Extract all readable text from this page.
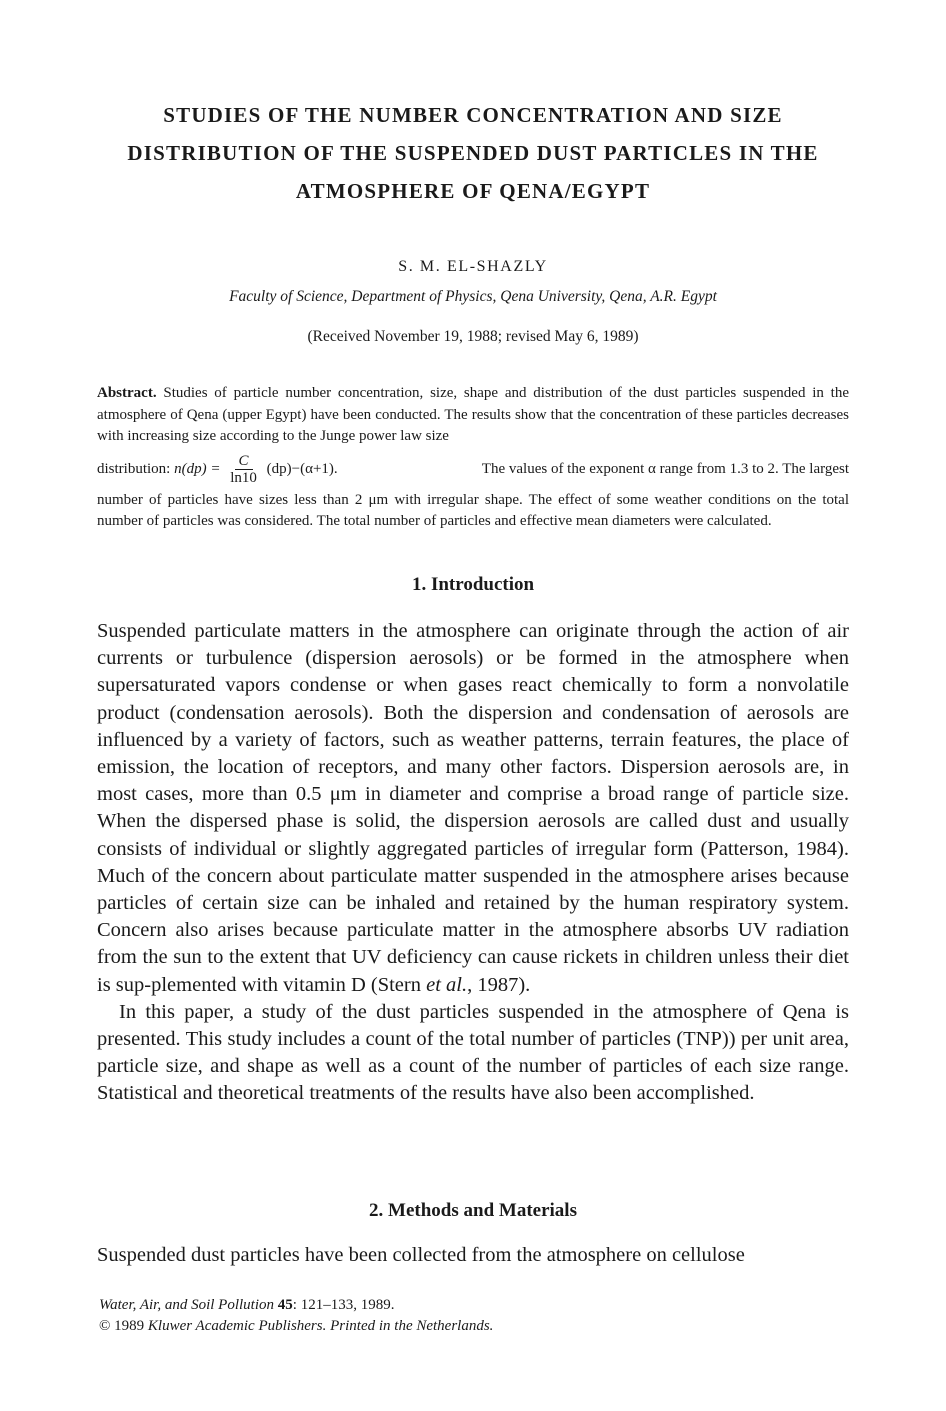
STUDIES OF THE NUMBER CONCENTRATION AND SIZE
DISTRIBUTION OF THE SUSPENDED DUST PARTICLES IN THE
ATMOSPHERE OF QENA/EGYPT
S. M. EL-SHAZLY
Faculty of Science, Department of Physics, Qena University, Qena, A.R. Egypt
(Received November 19, 1988; revised May 6, 1989)

Abstract. Studies of particle number concentration, size, shape and distribution of the dust particles suspended in the atmosphere of Qena (upper Egypt) have been conducted. The results show that the concentration of these particles decreases with increasing size according to the Junge power law size

distribution: $n(dp) = \frac{C}{\ln 10} (dp)-(\alpha+1)$.	The values of the exponent α range from 1.3 to 2. The largest

number of particles have sizes less than 2 μm with irregular shape. The effect of some weather conditions on the total number of particles was considered. The total number of particles and effective mean diameters were calculated.

1. Introduction

Suspended particulate matters in the atmosphere can originate through the action of air currents or turbulence (dispersion aerosols) or be formed in the atmosphere when supersaturated vapors condense or when gases react chemically to form a nonvolatile product (condensation aerosols). Both the dispersion and condensation of aerosols are influenced by a variety of factors, such as weather patterns, terrain features, the place of emission, the location of receptors, and many other factors. Dispersion aerosols are, in most cases, more than 0.5 μm in diameter and comprise a broad range of particle size. When the dispersed phase is solid, the dispersion aerosols are called dust and usually consists of individual or slightly aggregated particles of irregular form (Patterson, 1984). Much of the concern about particulate matter suspended in the atmosphere arises because particles of certain size can be inhaled and retained by the human respiratory system. Concern also arises because particulate matter in the atmosphere absorbs UV radiation from the sun to the extent that UV deficiency can cause rickets in children unless their diet is sup-plemented with vitamin D (Stern et al., 1987).

In this paper, a study of the dust particles suspended in the atmosphere of Qena is presented. This study includes a count of the total number of particles (TNP)) per unit area, particle size, and shape as well as a count of the number of particles of each size range. Statistical and theoretical treatments of the results have also been accomplished.

2. Methods and Materials

Suspended dust particles have been collected from the atmosphere on cellulose

Water, Air, and Soil Pollution 45: 121–133, 1989.
© 1989 Kluwer Academic Publishers. Printed in the Netherlands.
